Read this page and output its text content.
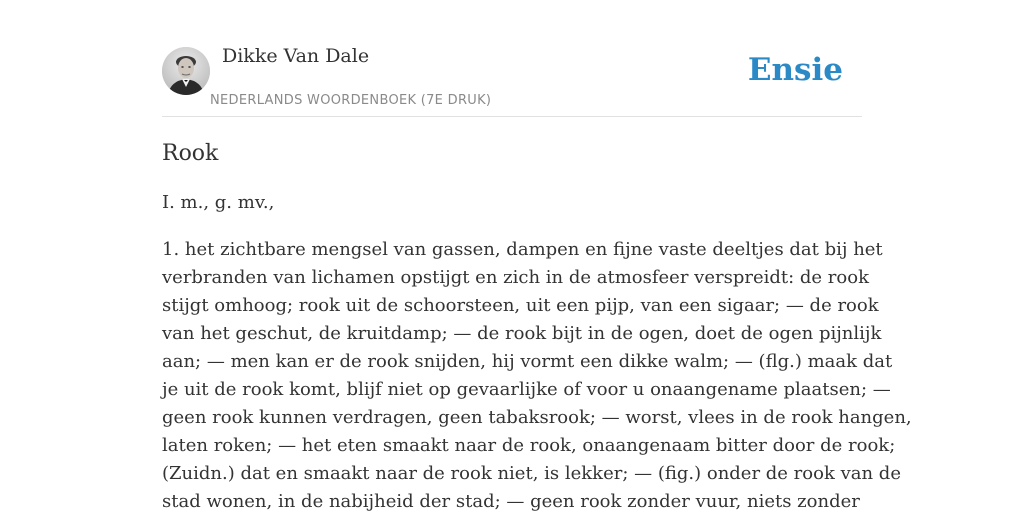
Dikke Van Dale
NEDERLANDS WOORDENBOEK (7E DRUK)
Ensie
Rook

I. m., g. mv.,

1. het zichtbare mengsel van gassen, dampen en fijne vaste deeltjes dat bij het
verbranden van lichamen opstijgt en zich in de atmosfeer verspreidt: de rook
stijgt omhoog; rook uit de schoorsteen, uit een pijp, van een sigaar; — de rook
van het geschut, de kruitdamp; — de rook bijt in de ogen, doet de ogen pijnlijk
aan; — men kan er de rook snijden, hij vormt een dikke walm; — (flg.) maak dat
je uit de rook komt, blijf niet op gevaarlijke of voor u onaangename plaatsen; —
geen rook kunnen verdragen, geen tabaksrook; — worst, vlees in de rook hangen,
laten roken; — het eten smaakt naar de rook, onaangenaam bitter door de rook;
(Zuidn.) dat en smaakt naar de rook niet, is lekker; — (fig.) onder de rook van de
stad wonen, in de nabijheid der stad; — geen rook zonder vuur, niets zonder
